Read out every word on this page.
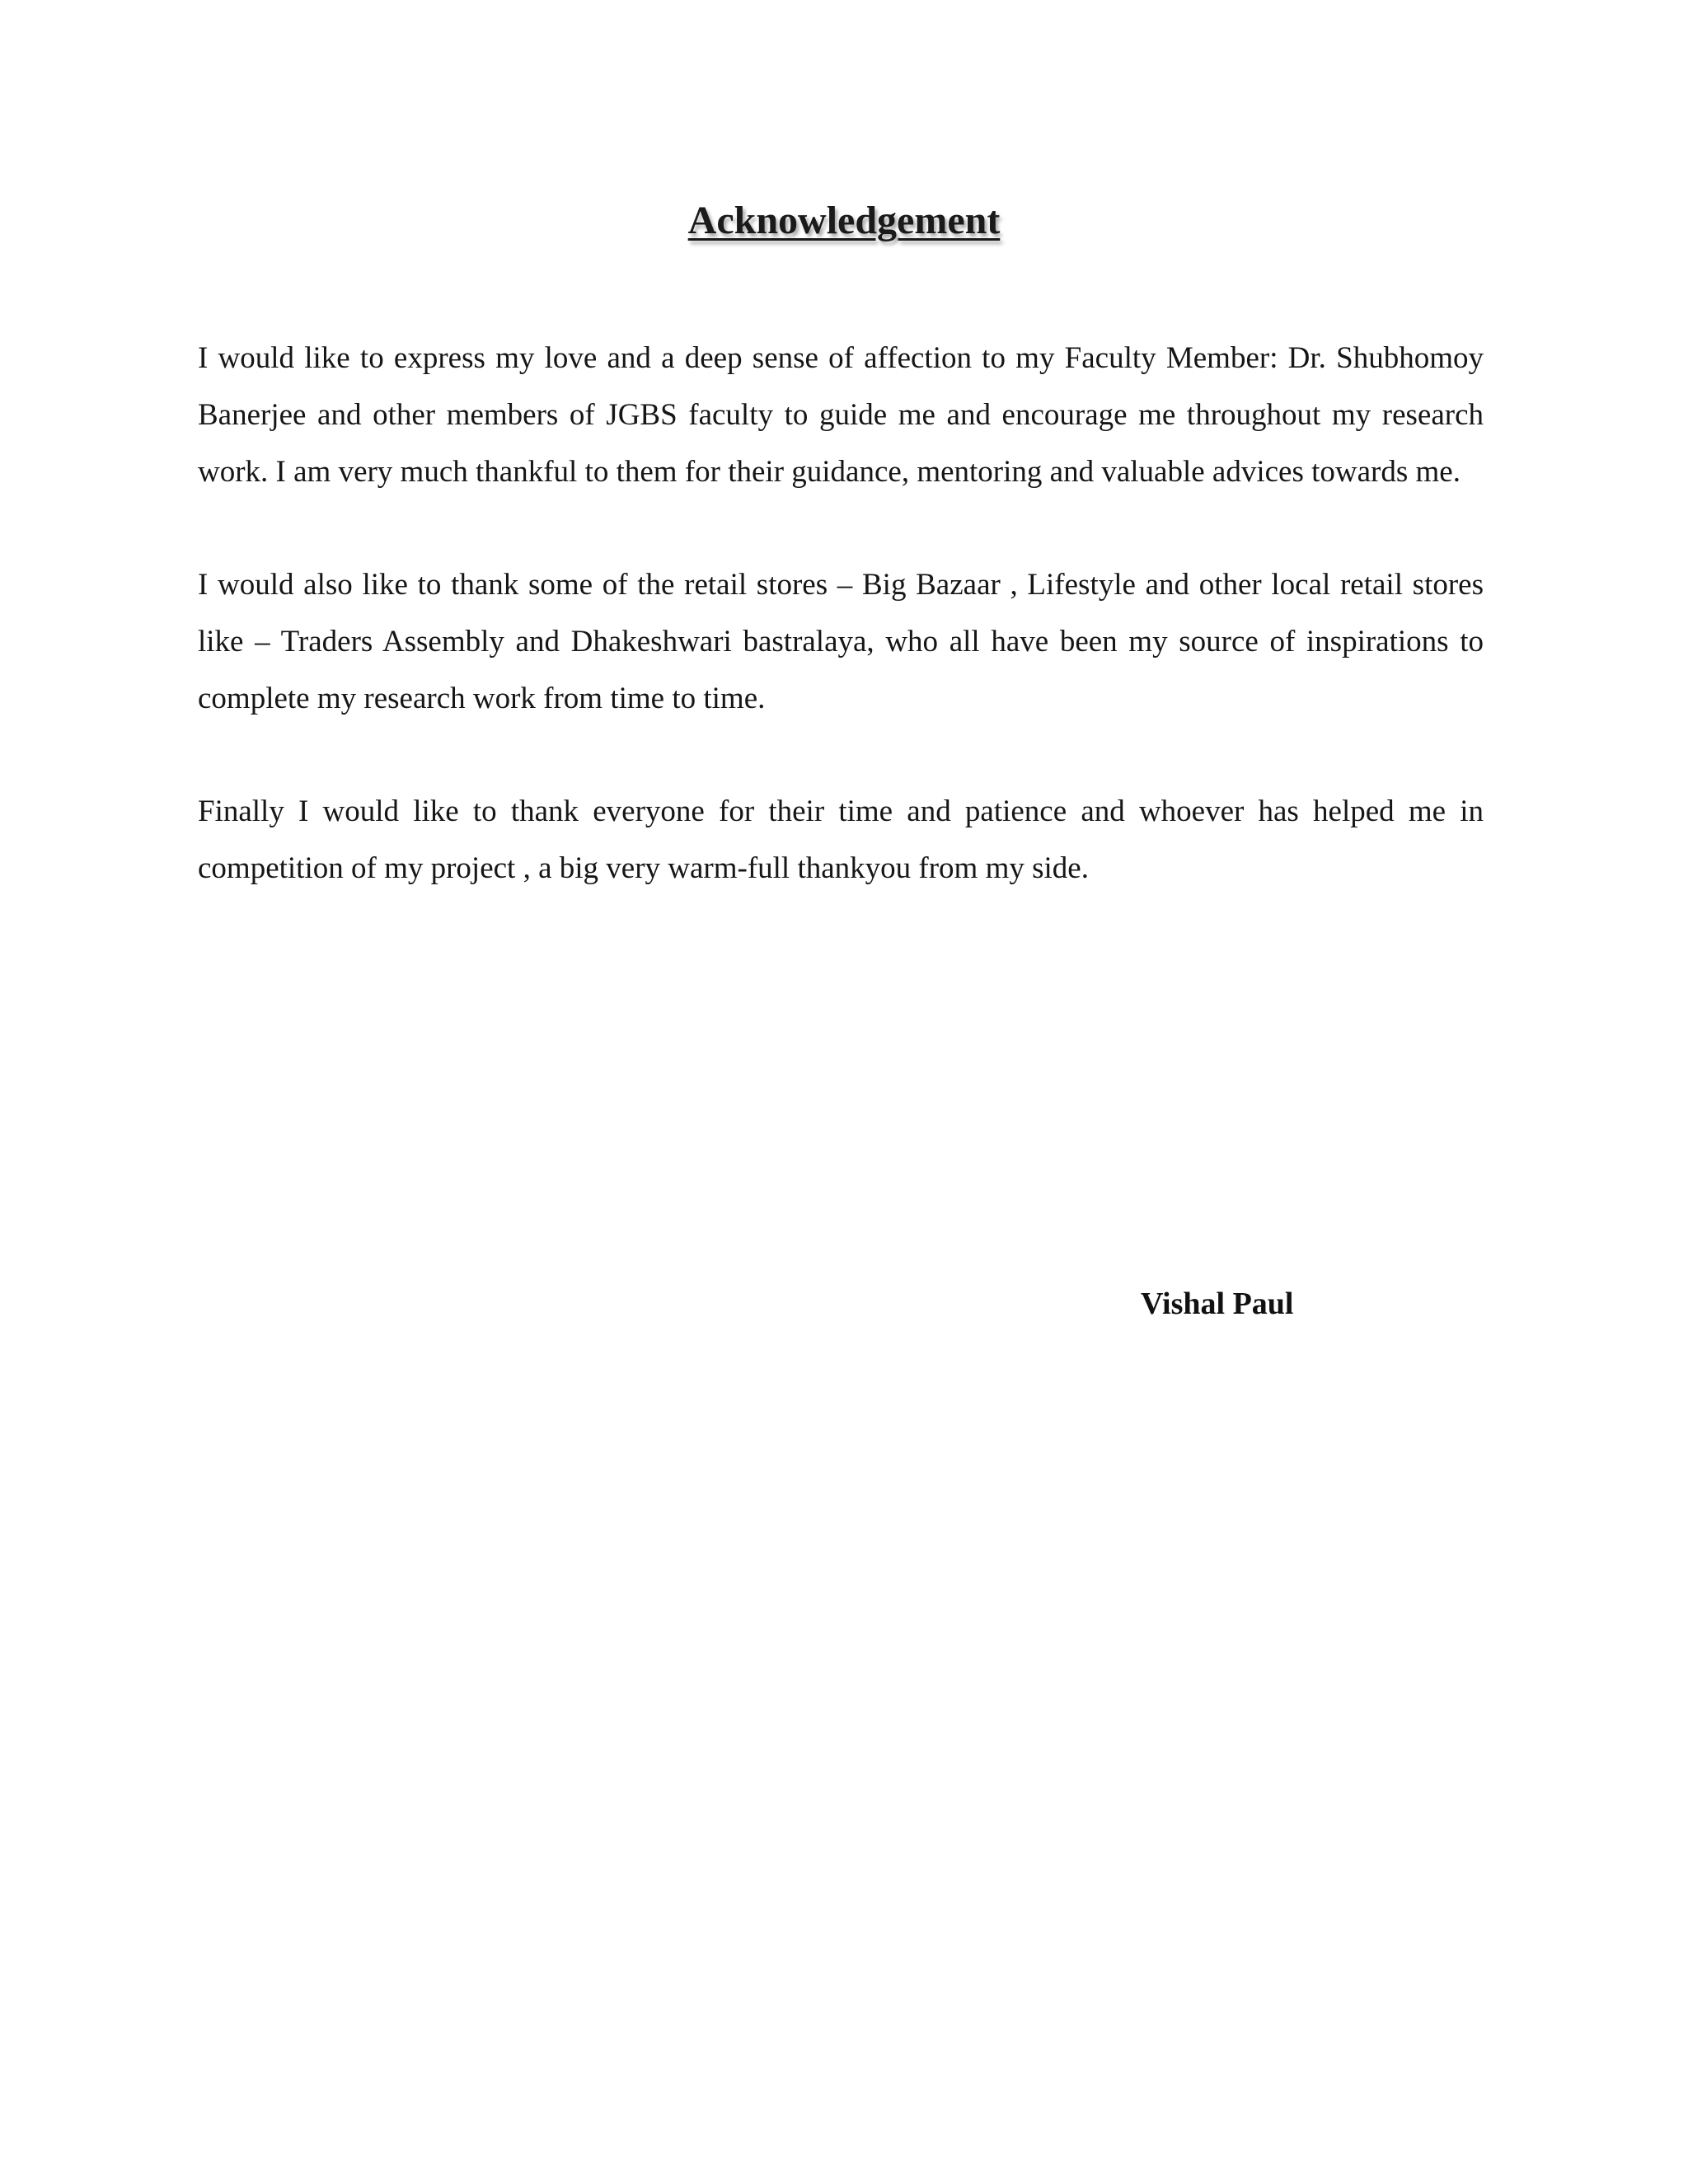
Acknowledgement

I would like to express my love and a deep sense of affection to my Faculty Member: Dr. Shubhomoy Banerjee and other members of JGBS faculty to guide me and encourage me throughout my research work. I am very much thankful to them for their guidance, mentoring and valuable advices towards me.

I would also like to thank some of the retail stores – Big Bazaar , Lifestyle and other local retail stores like – Traders Assembly and Dhakeshwari bastralaya, who all have been my source of inspirations to complete my research work from time to time.

Finally I would like to thank everyone for their time and patience and whoever has helped me in competition of my project , a big very warm-full thankyou from my side.

Vishal Paul
